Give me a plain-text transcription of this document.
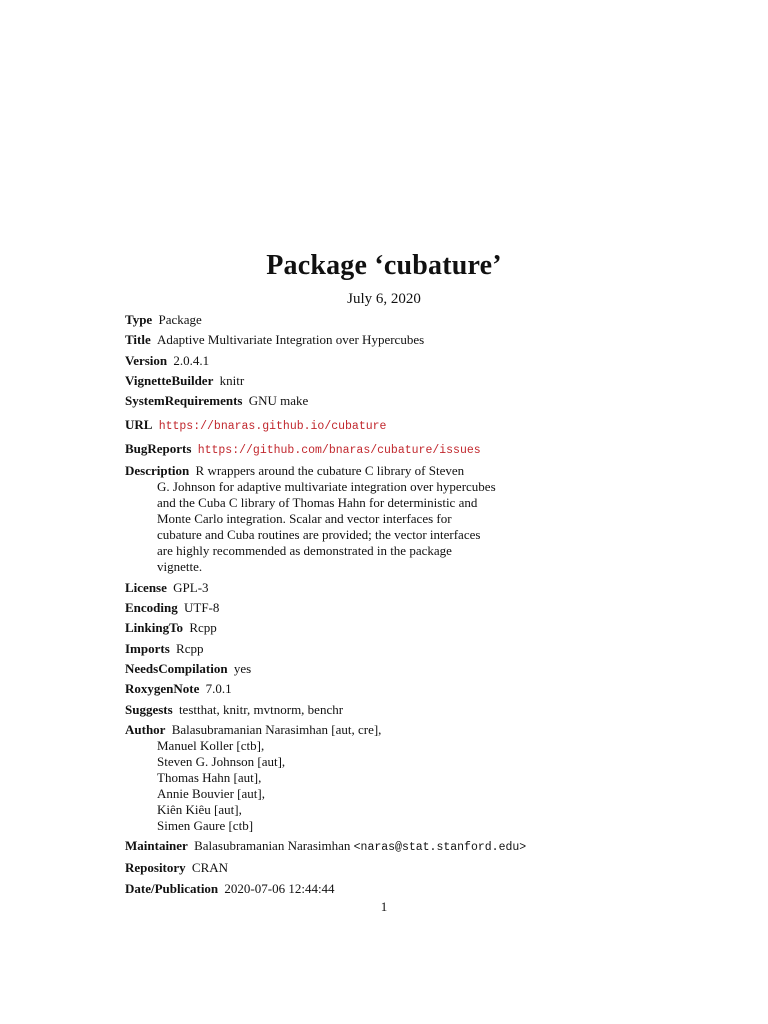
Package ‘cubature’
July 6, 2020
Type Package
Title Adaptive Multivariate Integration over Hypercubes
Version 2.0.4.1
VignetteBuilder knitr
SystemRequirements GNU make
URL https://bnaras.github.io/cubature
BugReports https://github.com/bnaras/cubature/issues
Description R wrappers around the cubature C library of Steven
G. Johnson for adaptive multivariate integration over hypercubes
and the Cuba C library of Thomas Hahn for deterministic and
Monte Carlo integration. Scalar and vector interfaces for
cubature and Cuba routines are provided; the vector interfaces
are highly recommended as demonstrated in the package
vignette.
License GPL-3
Encoding UTF-8
LinkingTo Rcpp
Imports Rcpp
NeedsCompilation yes
RoxygenNote 7.0.1
Suggests testthat, knitr, mvtnorm, benchr
Author Balasubramanian Narasimhan [aut, cre],
Manuel Koller [ctb],
Steven G. Johnson [aut],
Thomas Hahn [aut],
Annie Bouvier [aut],
Kiên Kiêu [aut],
Simen Gaure [ctb]
Maintainer Balasubramanian Narasimhan <naras@stat.stanford.edu>
Repository CRAN
Date/Publication 2020-07-06 12:44:44
1
